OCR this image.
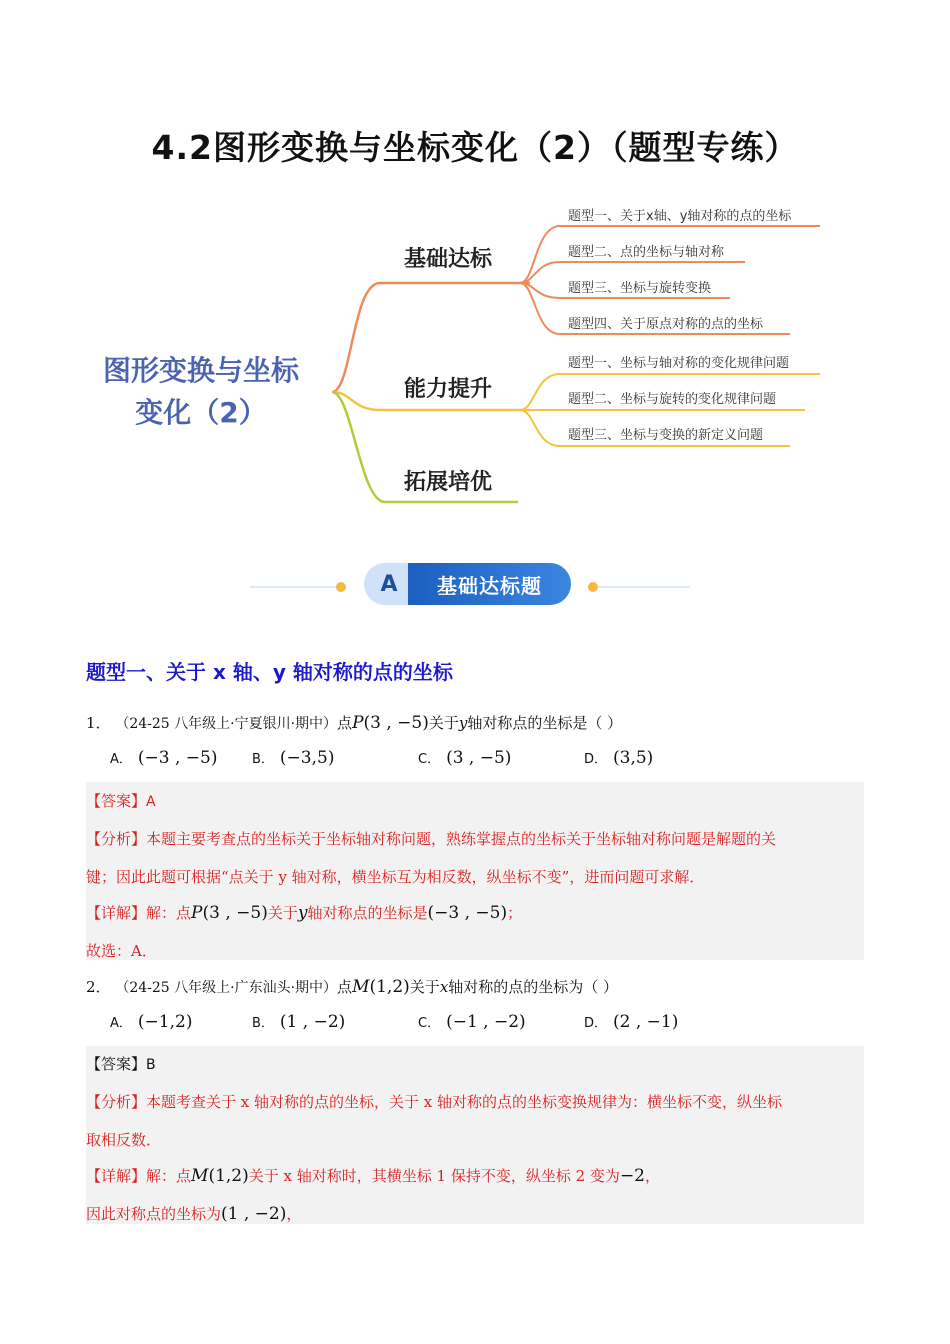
4.2图形变换与坐标变化（2）（题型专练）
图形变换与坐标
变化（2）
基础达标
能力提升
拓展培优
题型一、关于x轴、y轴对称的点的坐标
题型二、点的坐标与轴对称
题型三、坐标与旋转变换
题型四、关于原点对称的点的坐标
题型一、坐标与轴对称的变化规律问题
题型二、坐标与旋转的变化规律问题
题型三、坐标与变换的新定义问题
A	基础达标题
题型一、关于 x 轴、y 轴对称的点的坐标
1． （24-25 八年级上·宁夏银川·期中）点P(3 , −5)关于y轴对称点的坐标是（ ）
A． (−3 , −5)	B． (−3,5)	C． (3 , −5)	D． (3,5)
【答案】A
【分析】本题主要考查点的坐标关于坐标轴对称问题，熟练掌握点的坐标关于坐标轴对称问题是解题的关
键；因此此题可根据“点关于 y 轴对称，横坐标互为相反数，纵坐标不变”，进而问题可求解．
【详解】解：点P(3 , −5)关于y轴对称点的坐标是(−3 , −5)；
故选：A．
2． （24-25 八年级上·广东汕头·期中）点M(1,2)关于x轴对称的点的坐标为（ ）
A． (−1,2)	B． (1 , −2)	C． (−1 , −2)	D． (2 , −1)
【答案】B
【分析】本题考查关于 x 轴对称的点的坐标，关于 x 轴对称的点的坐标变换规律为：横坐标不变，纵坐标
取相反数．
【详解】解：点M(1,2)关于 x 轴对称时，其横坐标 1 保持不变，纵坐标 2 变为−2，
因此对称点的坐标为(1 , −2)，
